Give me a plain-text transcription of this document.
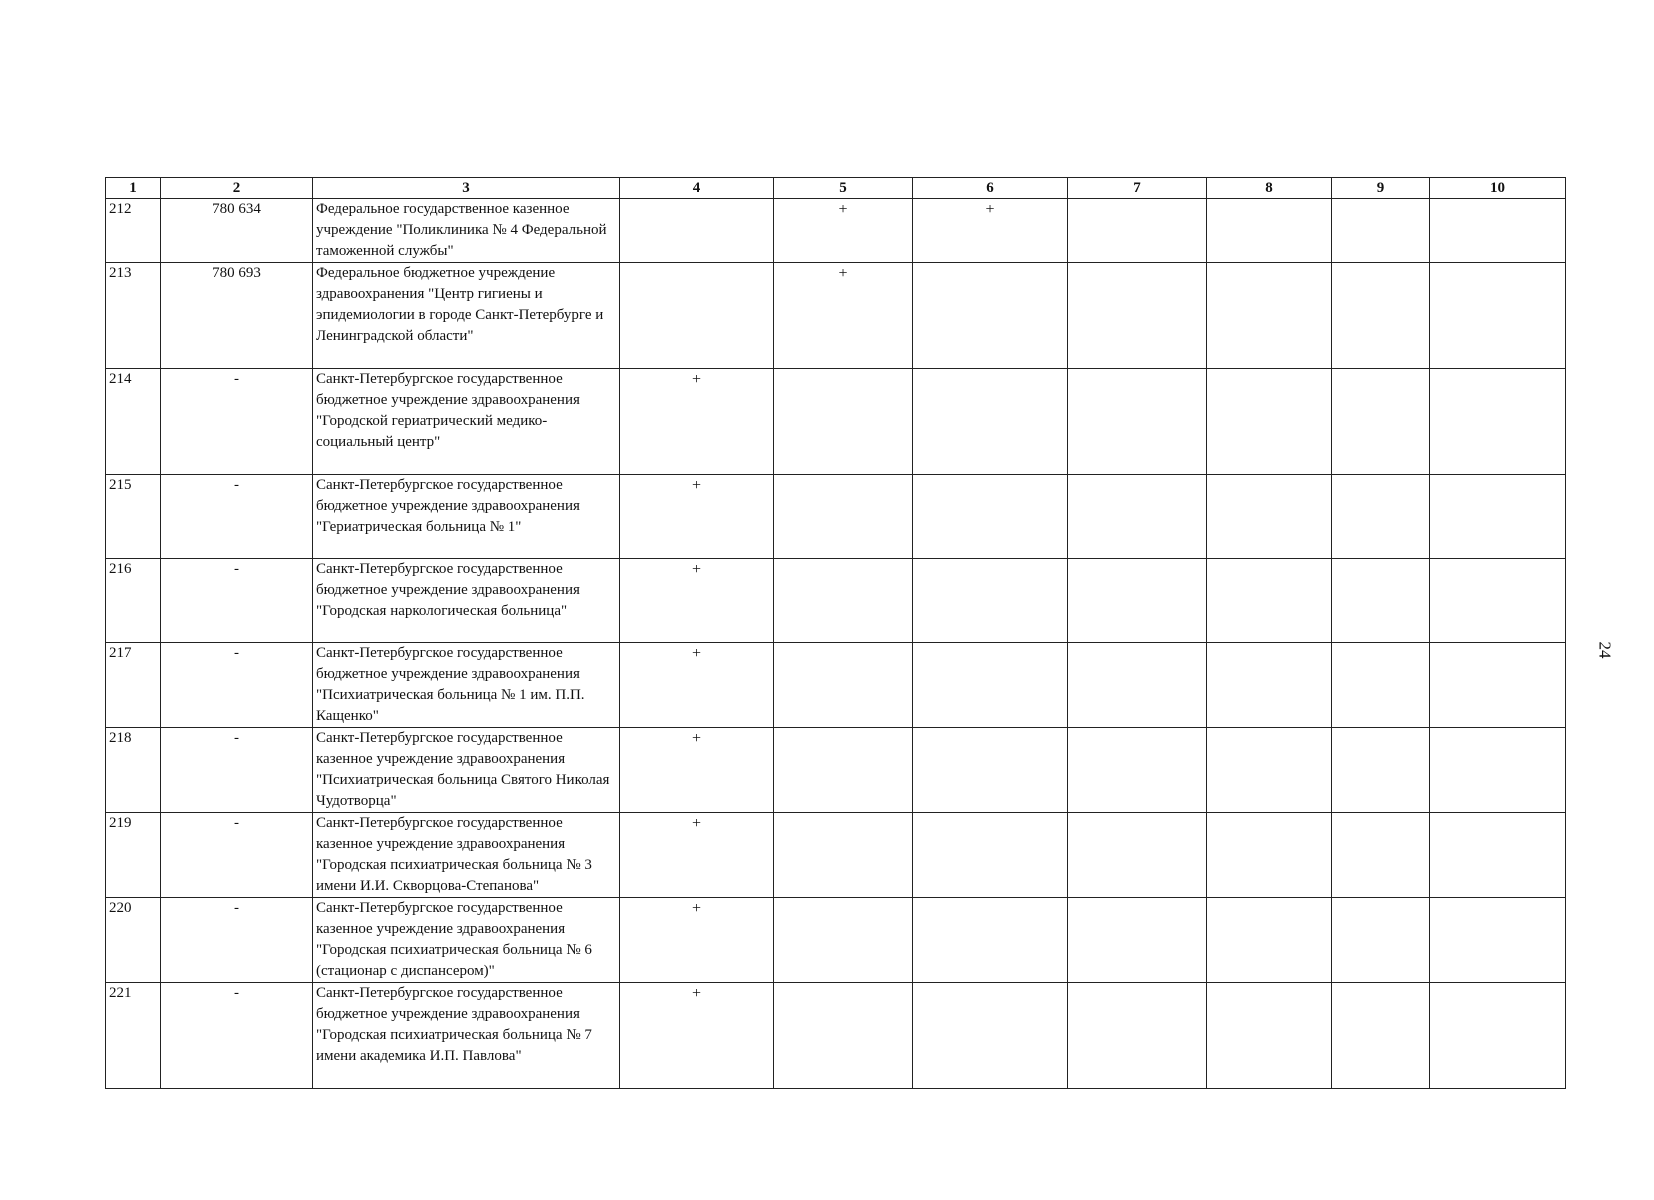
1	2	3	4	5	6	7	8	9	10
212	780 634	Федеральное государственное казенное учреждение "Поликлиника № 4 Федеральной таможенной службы"		+	+				
213	780 693	Федеральное бюджетное учреждение здравоохранения "Центр гигиены и эпидемиологии в городе Санкт-Петербурге и Ленинградской области"		+					
214	-	Санкт-Петербургское государственное бюджетное учреждение здравоохранения "Городской гериатрический медико-социальный центр"	+						
215	-	Санкт-Петербургское государственное бюджетное учреждение здравоохранения "Гериатрическая больница № 1"	+						
216	-	Санкт-Петербургское государственное бюджетное учреждение здравоохранения "Городская наркологическая больница"	+						
217	-	Санкт-Петербургское государственное бюджетное учреждение здравоохранения "Психиатрическая больница № 1 им. П.П. Кащенко"	+						
218	-	Санкт-Петербургское государственное казенное учреждение здравоохранения "Психиатрическая больница Святого Николая Чудотворца"	+						
219	-	Санкт-Петербургское государственное казенное учреждение здравоохранения "Городская психиатрическая больница № 3 имени И.И. Скворцова-Степанова"	+						
220	-	Санкт-Петербургское государственное казенное учреждение здравоохранения "Городская психиатрическая больница № 6 (стационар с диспансером)"	+						
221	-	Санкт-Петербургское государственное бюджетное учреждение здравоохранения "Городская психиатрическая больница № 7 имени академика И.П. Павлова"	+						
24
